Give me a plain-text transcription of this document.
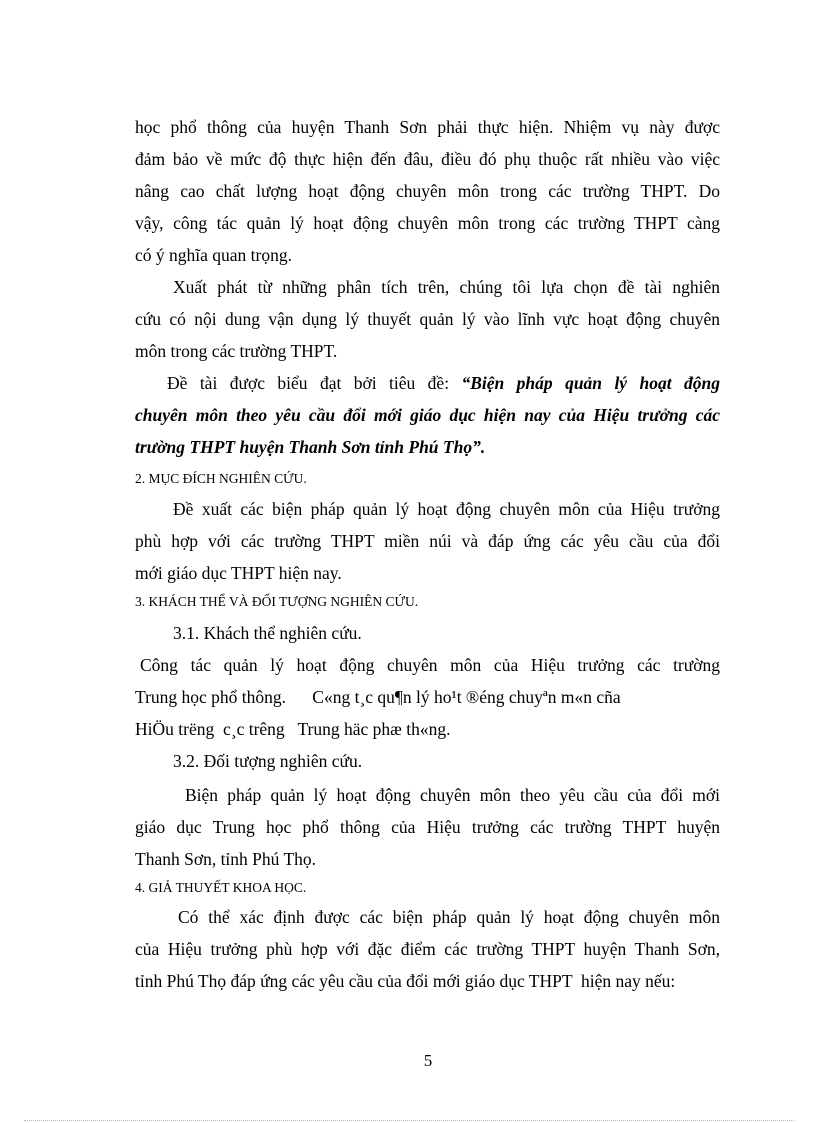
học phổ thông của huyện Thanh Sơn phải thực hiện. Nhiệm vụ này được
đảm bảo về mức độ thực hiện đến đâu, điều đó phụ thuộc rất nhiều vào việc
nâng cao chất lượng hoạt động chuyên môn trong các trường THPT. Do
vậy, công tác quản lý hoạt động chuyên môn trong các trường THPT càng
có ý nghĩa quan trọng.
Xuất phát từ những phân tích trên, chúng tôi lựa chọn đề tài nghiên
cứu có nội dung vận dụng lý thuyết quản lý vào lĩnh vực hoạt động chuyên
môn trong các trường THPT.
Đề tài được biểu đạt bởi tiêu đề: “Biện pháp quản lý hoạt động
chuyên môn theo yêu cầu đổi mới giáo dục hiện nay của Hiệu trưởng các
trường THPT huyện Thanh Sơn tỉnh Phú Thọ”.
2. MỤC ĐÍCH NGHIÊN CỨU.
Đề xuất các biện pháp quản lý hoạt động chuyên môn của Hiệu trưởng
phù hợp với các trường THPT miền núi và đáp ứng các yêu cầu của đổi
mới giáo dục THPT hiện nay.
3. KHÁCH THỂ VÀ ĐỐI TƯỢNG NGHIÊN CỨU.
3.1. Khách thể nghiên cứu.
Công tác quản lý hoạt động chuyên môn của Hiệu trưởng các trường
Trung học phổ thông.      C«ng t¸c qu¶n lý ho¹t ®éng chuyªn m«n cña
HiÖu trëng  c¸c trêng   Trung häc phæ th«ng.
3.2. Đối tượng nghiên cứu.
Biện pháp quản lý hoạt động chuyên môn theo yêu cầu của đổi mới
giáo dục Trung học phổ thông của Hiệu trưởng các trường THPT huyện
Thanh Sơn, tỉnh Phú Thọ.
4. GIẢ THUYẾT KHOA HỌC.
Có thể xác định được các biện pháp quản lý hoạt động chuyên môn
của Hiệu trưởng phù hợp với đặc điểm các trường THPT huyện Thanh Sơn,
tỉnh Phú Thọ đáp ứng các yêu cầu của đổi mới giáo dục THPT  hiện nay nếu:
5
